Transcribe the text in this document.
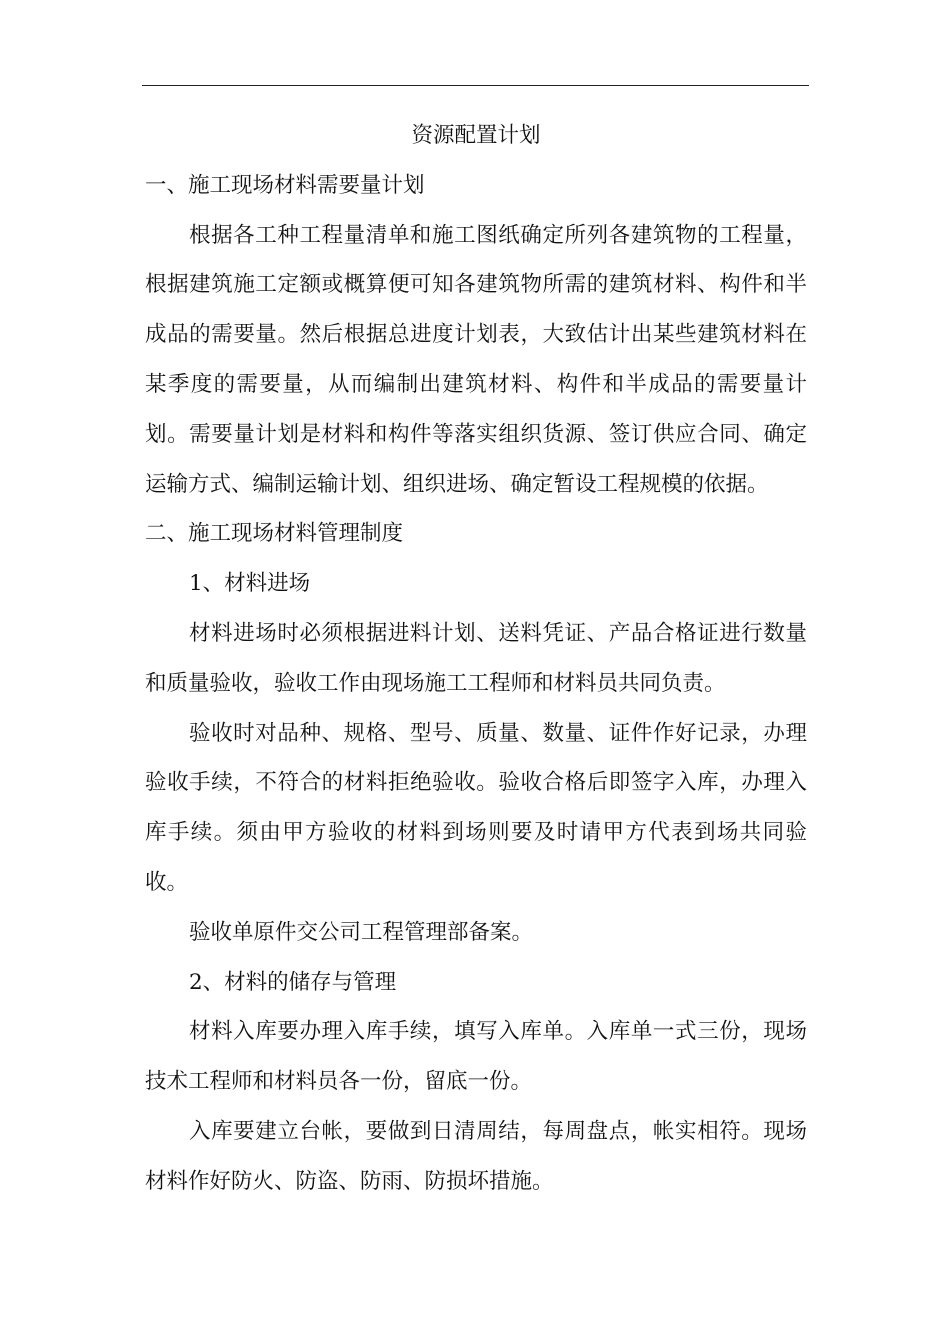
资源配置计划

一、施工现场材料需要量计划

根据各工种工程量清单和施工图纸确定所列各建筑物的工程量，根据建筑施工定额或概算便可知各建筑物所需的建筑材料、构件和半成品的需要量。然后根据总进度计划表，大致估计出某些建筑材料在某季度的需要量，从而编制出建筑材料、构件和半成品的需要量计划。需要量计划是材料和构件等落实组织货源、签订供应合同、确定运输方式、编制运输计划、组织进场、确定暂设工程规模的依据。

二、施工现场材料管理制度

1、材料进场

材料进场时必须根据进料计划、送料凭证、产品合格证进行数量和质量验收，验收工作由现场施工工程师和材料员共同负责。

验收时对品种、规格、型号、质量、数量、证件作好记录，办理验收手续，不符合的材料拒绝验收。验收合格后即签字入库，办理入库手续。须由甲方验收的材料到场则要及时请甲方代表到场共同验收。

验收单原件交公司工程管理部备案。

2、材料的储存与管理

材料入库要办理入库手续，填写入库单。入库单一式三份，现场技术工程师和材料员各一份，留底一份。

入库要建立台帐，要做到日清周结，每周盘点，帐实相符。现场材料作好防火、防盗、防雨、防损坏措施。
